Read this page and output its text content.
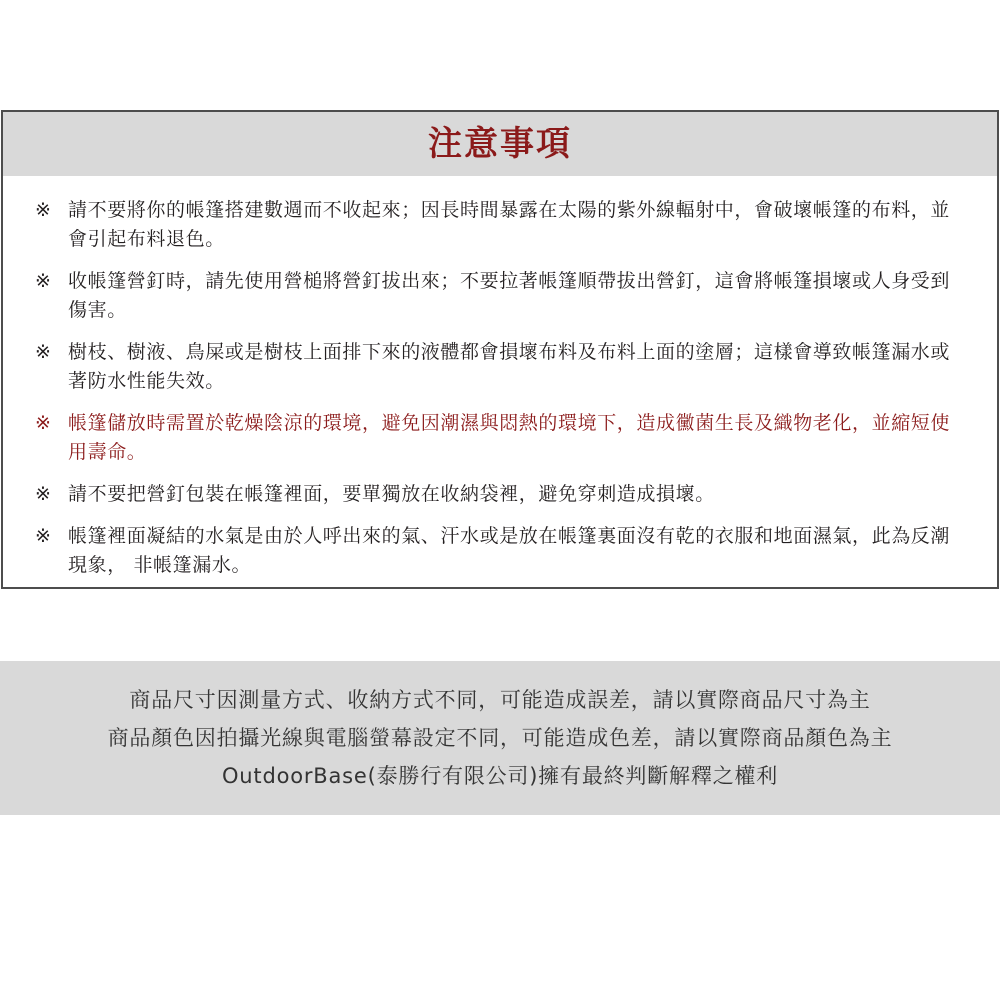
注意事項
※ 請不要將你的帳篷搭建數週而不收起來；因長時間暴露在太陽的紫外線輻射中，會破壞帳篷的布料，並會引起布料退色。
※ 收帳篷營釘時，請先使用營槌將營釘拔出來；不要拉著帳篷順帶拔出營釘，這會將帳篷損壞或人身受到傷害。
※ 樹枝、樹液、鳥屎或是樹枝上面排下來的液體都會損壞布料及布料上面的塗層；這樣會導致帳篷漏水或著防水性能失效。
※ 帳篷儲放時需置於乾燥陰涼的環境，避免因潮濕與悶熱的環境下，造成黴菌生長及織物老化，並縮短使用壽命。
※ 請不要把營釘包裝在帳篷裡面，要單獨放在收納袋裡，避免穿刺造成損壞。
※ 帳篷裡面凝結的水氣是由於人呼出來的氣、汗水或是放在帳篷裏面沒有乾的衣服和地面濕氣，此為反潮現象， 非帳篷漏水。

商品尺寸因測量方式、收納方式不同，可能造成誤差，請以實際商品尺寸為主

商品顏色因拍攝光線與電腦螢幕設定不同，可能造成色差，請以實際商品顏色為主

OutdoorBase(泰勝行有限公司)擁有最終判斷解釋之權利
